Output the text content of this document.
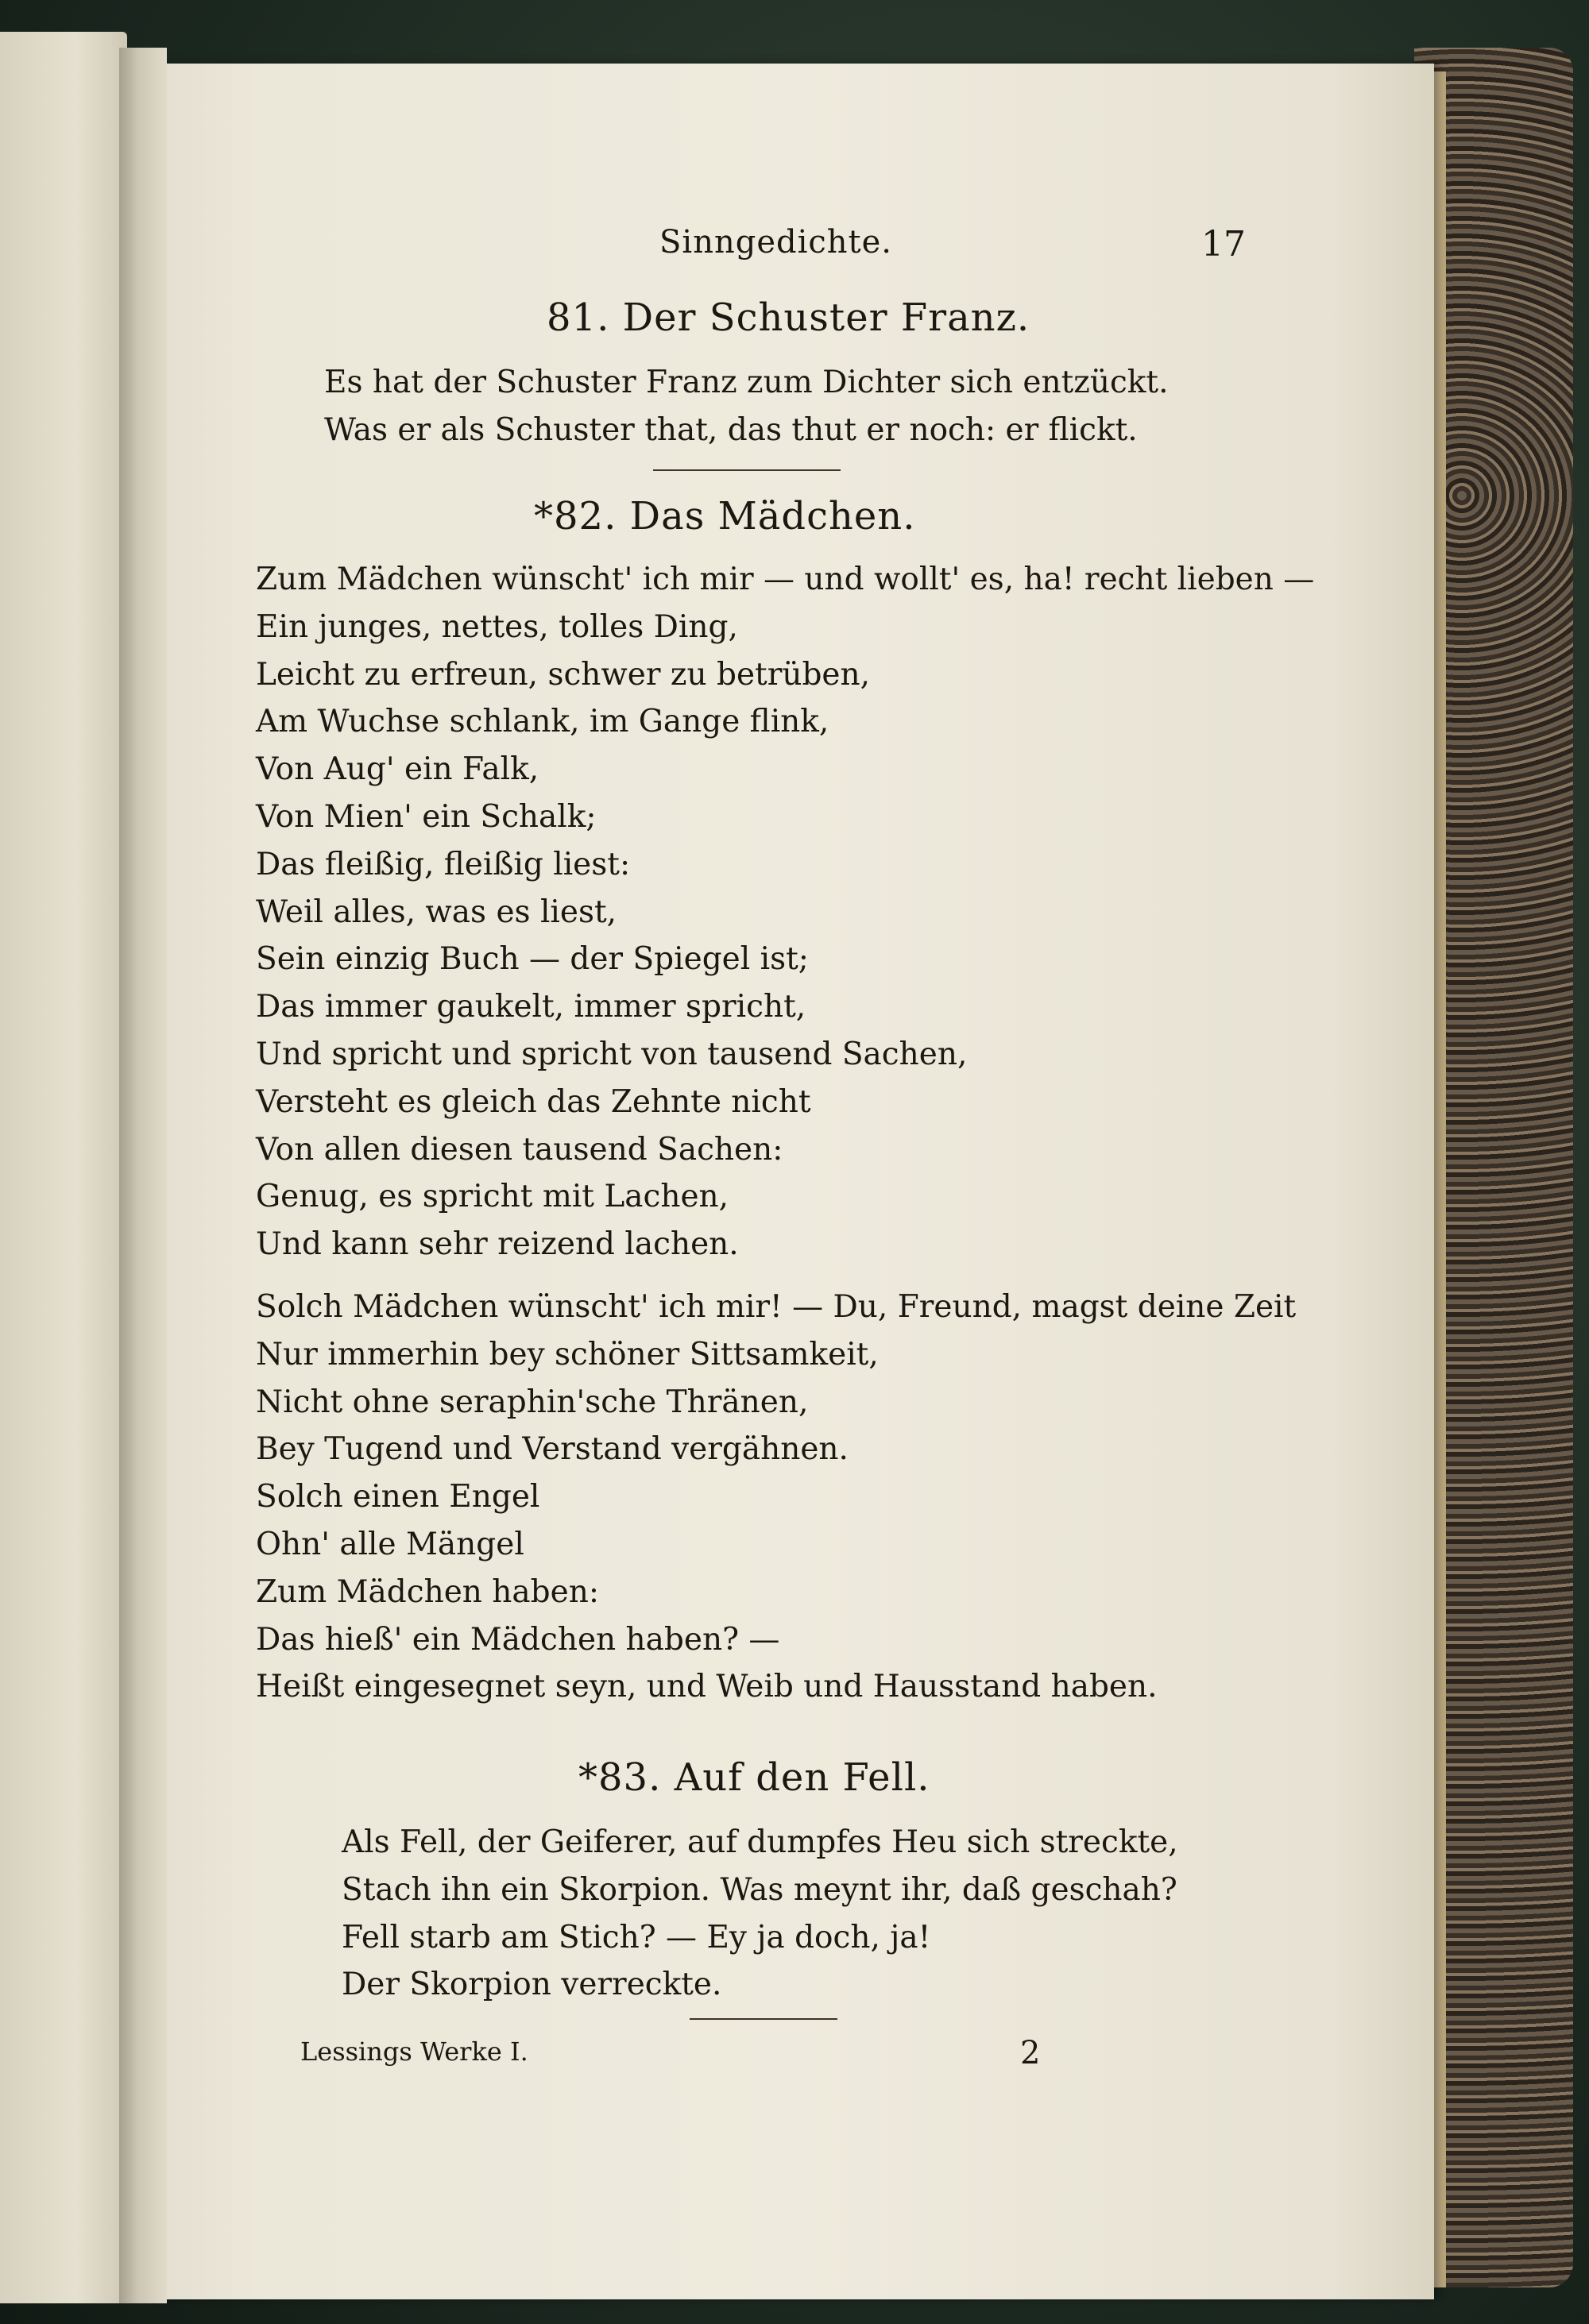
Sinngedichte.	17
81. Der Schuster Franz.
Es hat der Schuster Franz zum Dichter sich entzückt.
Was er als Schuster that, das thut er noch: er flickt.
*82. Das Mädchen.
Zum Mädchen wünscht' ich mir — und wollt' es, ha! recht lieben —
Ein junges, nettes, tolles Ding,
Leicht zu erfreun, schwer zu betrüben,
Am Wuchse schlank, im Gange flink,
Von Aug' ein Falk,
Von Mien' ein Schalk;
Das fleißig, fleißig liest:
Weil alles, was es liest,
Sein einzig Buch — der Spiegel ist;
Das immer gaukelt, immer spricht,
Und spricht und spricht von tausend Sachen,
Versteht es gleich das Zehnte nicht
Von allen diesen tausend Sachen:
Genug, es spricht mit Lachen,
Und kann sehr reizend lachen.
Solch Mädchen wünscht' ich mir! — Du, Freund, magst deine Zeit
Nur immerhin bey schöner Sittsamkeit,
Nicht ohne seraphin'sche Thränen,
Bey Tugend und Verstand vergähnen.
Solch einen Engel
Ohn' alle Mängel
Zum Mädchen haben:
Das hieß' ein Mädchen haben? —
Heißt eingesegnet seyn, und Weib und Hausstand haben.
*83. Auf den Fell.
Als Fell, der Geiferer, auf dumpfes Heu sich streckte,
Stach ihn ein Skorpion. Was meynt ihr, daß geschah?
Fell starb am Stich? — Ey ja doch, ja!
Der Skorpion verreckte.
Lessings Werke I.	2
